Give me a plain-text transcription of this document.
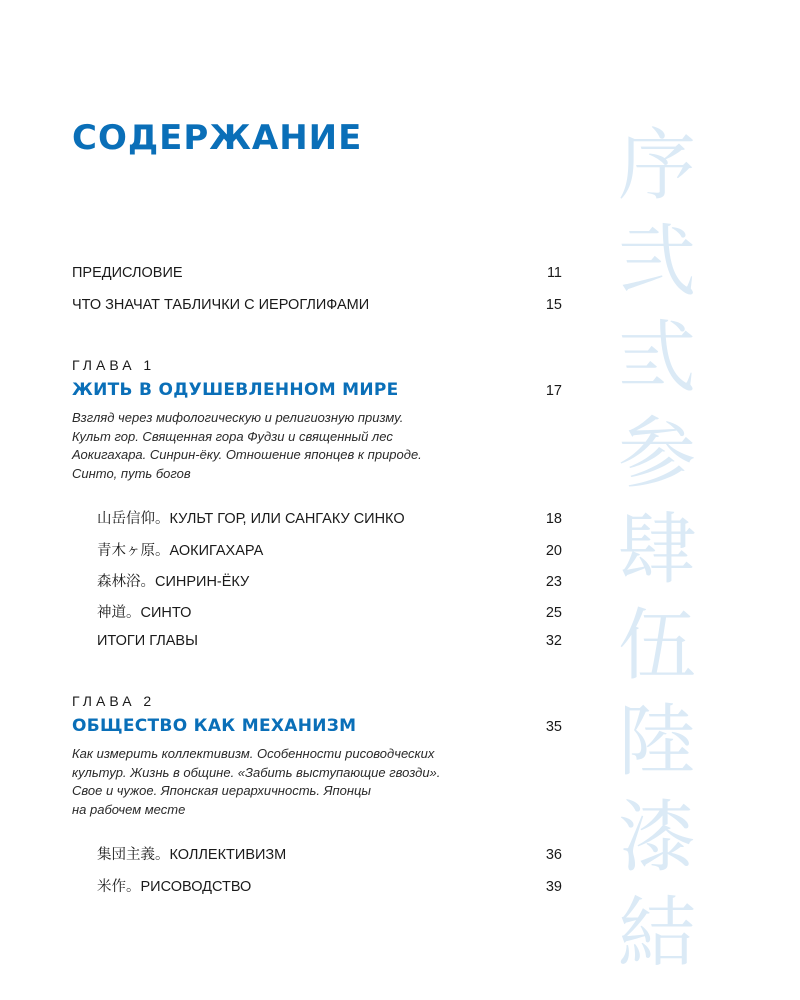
СОДЕРЖАНИЕ
ПРЕДИСЛОВИЕ	11
ЧТО ЗНАЧАТ ТАБЛИЧКИ С ИЕРОГЛИФАМИ	15
ГЛАВА 1
ЖИТЬ В ОДУШЕВЛЕННОМ МИРЕ	17

Взгляд через мифологическую и религиозную призму.

Культ гор. Священная гора Фудзи и священный лес

Аокигахара. Синрин-ёку. Отношение японцев к природе.

Синто, путь богов

山岳信仰。КУЛЬТ ГОР, ИЛИ САНГАКУ СИНКО	18
青木ヶ原。АОКИГАХАРА	20
森林浴。СИНРИН-ЁКУ	23
神道。СИНТО	25
ИТОГИ ГЛАВЫ	32
ГЛАВА 2
ОБЩЕСТВО КАК МЕХАНИЗМ	35

Как измерить коллективизм. Особенности рисоводческих

культур. Жизнь в общине. «Забить выступающие гвозди».

Свое и чужое. Японская иерархичность. Японцы

на рабочем месте

集団主義。КОЛЛЕКТИВИЗМ	36
米作。РИСОВОДСТВО	39
序
弐
弎
参
肆
伍
陸
漆
結
